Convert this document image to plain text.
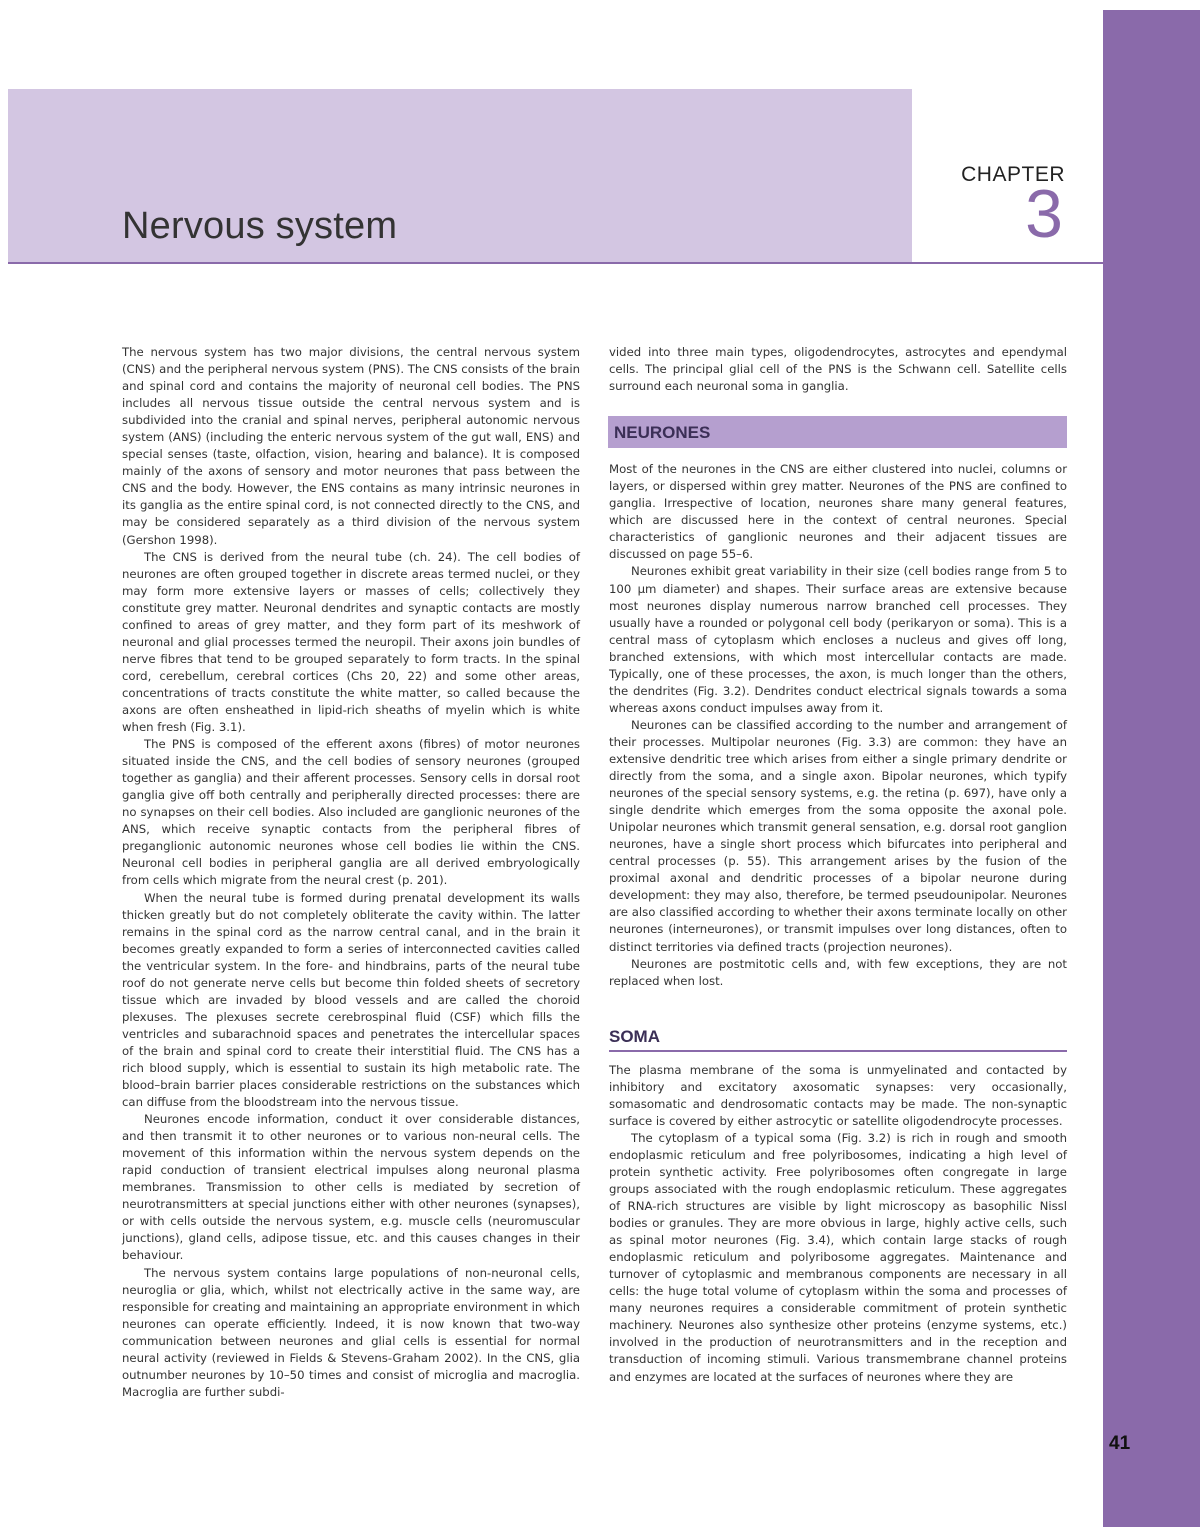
Nervous system
CHAPTER
3

The nervous system has two major divisions, the central nervous system (CNS) and the peripheral nervous system (PNS). The CNS consists of the brain and spinal cord and contains the majority of neuronal cell bodies. The PNS includes all nervous tissue outside the central nervous system and is subdivided into the cranial and spinal nerves, peripheral autonomic nervous system (ANS) (including the enteric nervous system of the gut wall, ENS) and special senses (taste, olfaction, vision, hearing and balance). It is composed mainly of the axons of sensory and motor neurones that pass between the CNS and the body. However, the ENS contains as many intrinsic neurones in its ganglia as the entire spinal cord, is not connected directly to the CNS, and may be considered separately as a third division of the nervous system (Gershon 1998).

The CNS is derived from the neural tube (ch. 24). The cell bodies of neurones are often grouped together in discrete areas termed nuclei, or they may form more extensive layers or masses of cells; collectively they constitute grey matter. Neuronal dendrites and synaptic contacts are mostly confined to areas of grey matter, and they form part of its meshwork of neuronal and glial processes termed the neuropil. Their axons join bundles of nerve fibres that tend to be grouped separately to form tracts. In the spinal cord, cerebellum, cerebral cortices (Chs 20, 22) and some other areas, concentrations of tracts constitute the white matter, so called because the axons are often ensheathed in lipid-rich sheaths of myelin which is white when fresh (Fig. 3.1).

The PNS is composed of the efferent axons (fibres) of motor neurones situated inside the CNS, and the cell bodies of sensory neurones (grouped together as ganglia) and their afferent processes. Sensory cells in dorsal root ganglia give off both centrally and peripherally directed processes: there are no synapses on their cell bodies. Also included are ganglionic neurones of the ANS, which receive synaptic contacts from the peripheral fibres of preganglionic autonomic neurones whose cell bodies lie within the CNS. Neuronal cell bodies in peripheral ganglia are all derived embryologically from cells which migrate from the neural crest (p. 201).

When the neural tube is formed during prenatal development its walls thicken greatly but do not completely obliterate the cavity within. The latter remains in the spinal cord as the narrow central canal, and in the brain it becomes greatly expanded to form a series of interconnected cavities called the ventricular system. In the fore- and hindbrains, parts of the neural tube roof do not generate nerve cells but become thin folded sheets of secretory tissue which are invaded by blood vessels and are called the choroid plexuses. The plexuses secrete cerebrospinal fluid (CSF) which fills the ventricles and subarachnoid spaces and penetrates the intercellular spaces of the brain and spinal cord to create their interstitial fluid. The CNS has a rich blood supply, which is essential to sustain its high metabolic rate. The blood–brain barrier places considerable restrictions on the substances which can diffuse from the bloodstream into the nervous tissue.

Neurones encode information, conduct it over considerable distances, and then transmit it to other neurones or to various non-neural cells. The movement of this information within the nervous system depends on the rapid conduction of transient electrical impulses along neuronal plasma membranes. Transmission to other cells is mediated by secretion of neurotransmitters at special junctions either with other neurones (synapses), or with cells outside the nervous system, e.g. muscle cells (neuromuscular junctions), gland cells, adipose tissue, etc. and this causes changes in their behaviour.

The nervous system contains large populations of non-neuronal cells, neuroglia or glia, which, whilst not electrically active in the same way, are responsible for creating and maintaining an appropriate environment in which neurones can operate efficiently. Indeed, it is now known that two-way communication between neurones and glial cells is essential for normal neural activity (reviewed in Fields & Stevens-Graham 2002). In the CNS, glia outnumber neurones by 10–50 times and consist of microglia and macroglia. Macroglia are further subdi-

vided into three main types, oligodendrocytes, astrocytes and ependymal cells. The principal glial cell of the PNS is the Schwann cell. Satellite cells surround each neuronal soma in ganglia.

NEURONES

Most of the neurones in the CNS are either clustered into nuclei, columns or layers, or dispersed within grey matter. Neurones of the PNS are confined to ganglia. Irrespective of location, neurones share many general features, which are discussed here in the context of central neurones. Special characteristics of ganglionic neurones and their adjacent tissues are discussed on page 55–6.

Neurones exhibit great variability in their size (cell bodies range from 5 to 100 µm diameter) and shapes. Their surface areas are extensive because most neurones display numerous narrow branched cell processes. They usually have a rounded or polygonal cell body (perikaryon or soma). This is a central mass of cytoplasm which encloses a nucleus and gives off long, branched extensions, with which most intercellular contacts are made. Typically, one of these processes, the axon, is much longer than the others, the dendrites (Fig. 3.2). Dendrites conduct electrical signals towards a soma whereas axons conduct impulses away from it.

Neurones can be classified according to the number and arrangement of their processes. Multipolar neurones (Fig. 3.3) are common: they have an extensive dendritic tree which arises from either a single primary dendrite or directly from the soma, and a single axon. Bipolar neurones, which typify neurones of the special sensory systems, e.g. the retina (p. 697), have only a single dendrite which emerges from the soma opposite the axonal pole. Unipolar neurones which transmit general sensation, e.g. dorsal root ganglion neurones, have a single short process which bifurcates into peripheral and central processes (p. 55). This arrangement arises by the fusion of the proximal axonal and dendritic processes of a bipolar neurone during development: they may also, therefore, be termed pseudounipolar. Neurones are also classified according to whether their axons terminate locally on other neurones (interneurones), or transmit impulses over long distances, often to distinct territories via defined tracts (projection neurones).

Neurones are postmitotic cells and, with few exceptions, they are not replaced when lost.

SOMA

The plasma membrane of the soma is unmyelinated and contacted by inhibitory and excitatory axosomatic synapses: very occasionally, somasomatic and dendrosomatic contacts may be made. The non-synaptic surface is covered by either astrocytic or satellite oligodendrocyte processes.

The cytoplasm of a typical soma (Fig. 3.2) is rich in rough and smooth endoplasmic reticulum and free polyribosomes, indicating a high level of protein synthetic activity. Free polyribosomes often congregate in large groups associated with the rough endoplasmic reticulum. These aggregates of RNA-rich structures are visible by light microscopy as basophilic Nissl bodies or granules. They are more obvious in large, highly active cells, such as spinal motor neurones (Fig. 3.4), which contain large stacks of rough endoplasmic reticulum and polyribosome aggregates. Maintenance and turnover of cytoplasmic and membranous components are necessary in all cells: the huge total volume of cytoplasm within the soma and processes of many neurones requires a considerable commitment of protein synthetic machinery. Neurones also synthesize other proteins (enzyme systems, etc.) involved in the production of neurotransmitters and in the reception and transduction of incoming stimuli. Various transmembrane channel proteins and enzymes are located at the surfaces of neurones where they are

41
